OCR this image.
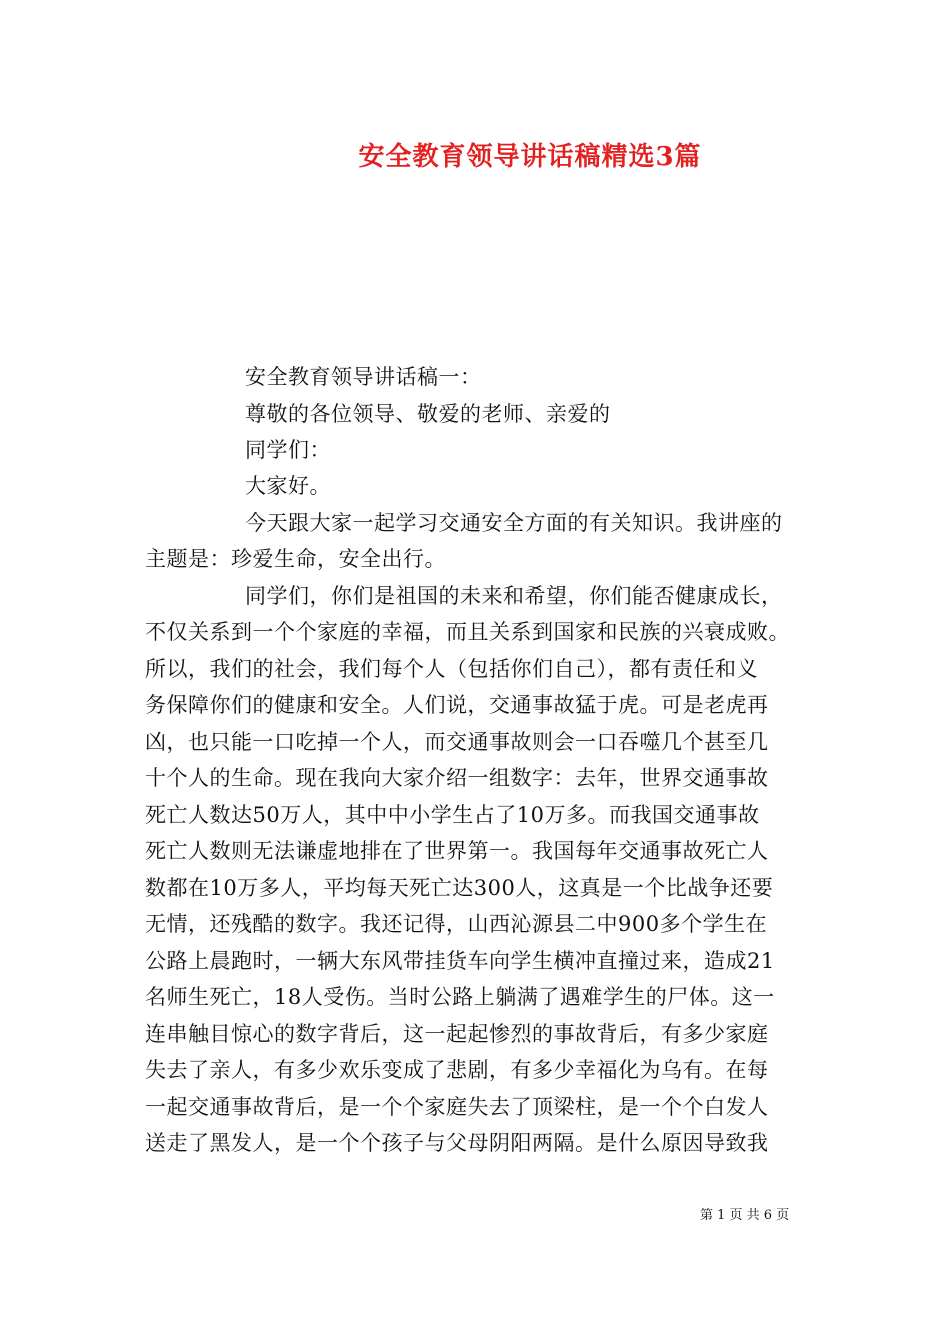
安全教育领导讲话稿精选3篇
安全教育领导讲话稿一：
尊敬的各位领导、敬爱的老师、亲爱的
同学们：
大家好。
今天跟大家一起学习交通安全方面的有关知识。我讲座的
主题是：珍爱生命，安全出行。
同学们，你们是祖国的未来和希望，你们能否健康成长，
不仅关系到一个个家庭的幸福，而且关系到国家和民族的兴衰成败。
所以，我们的社会，我们每个人（包括你们自己），都有责任和义
务保障你们的健康和安全。人们说，交通事故猛于虎。可是老虎再
凶，也只能一口吃掉一个人，而交通事故则会一口吞噬几个甚至几
十个人的生命。现在我向大家介绍一组数字：去年，世界交通事故
死亡人数达50万人，其中中小学生占了10万多。而我国交通事故
死亡人数则无法谦虚地排在了世界第一。我国每年交通事故死亡人
数都在10万多人，平均每天死亡达300人，这真是一个比战争还要
无情，还残酷的数字。我还记得，山西沁源县二中900多个学生在
公路上晨跑时，一辆大东风带挂货车向学生横冲直撞过来，造成21
名师生死亡，18人受伤。当时公路上躺满了遇难学生的尸体。这一
连串触目惊心的数字背后，这一起起惨烈的事故背后，有多少家庭
失去了亲人，有多少欢乐变成了悲剧，有多少幸福化为乌有。在每
一起交通事故背后，是一个个家庭失去了顶梁柱，是一个个白发人
送走了黑发人，是一个个孩子与父母阴阳两隔。是什么原因导致我
第 1 页 共 6 页
